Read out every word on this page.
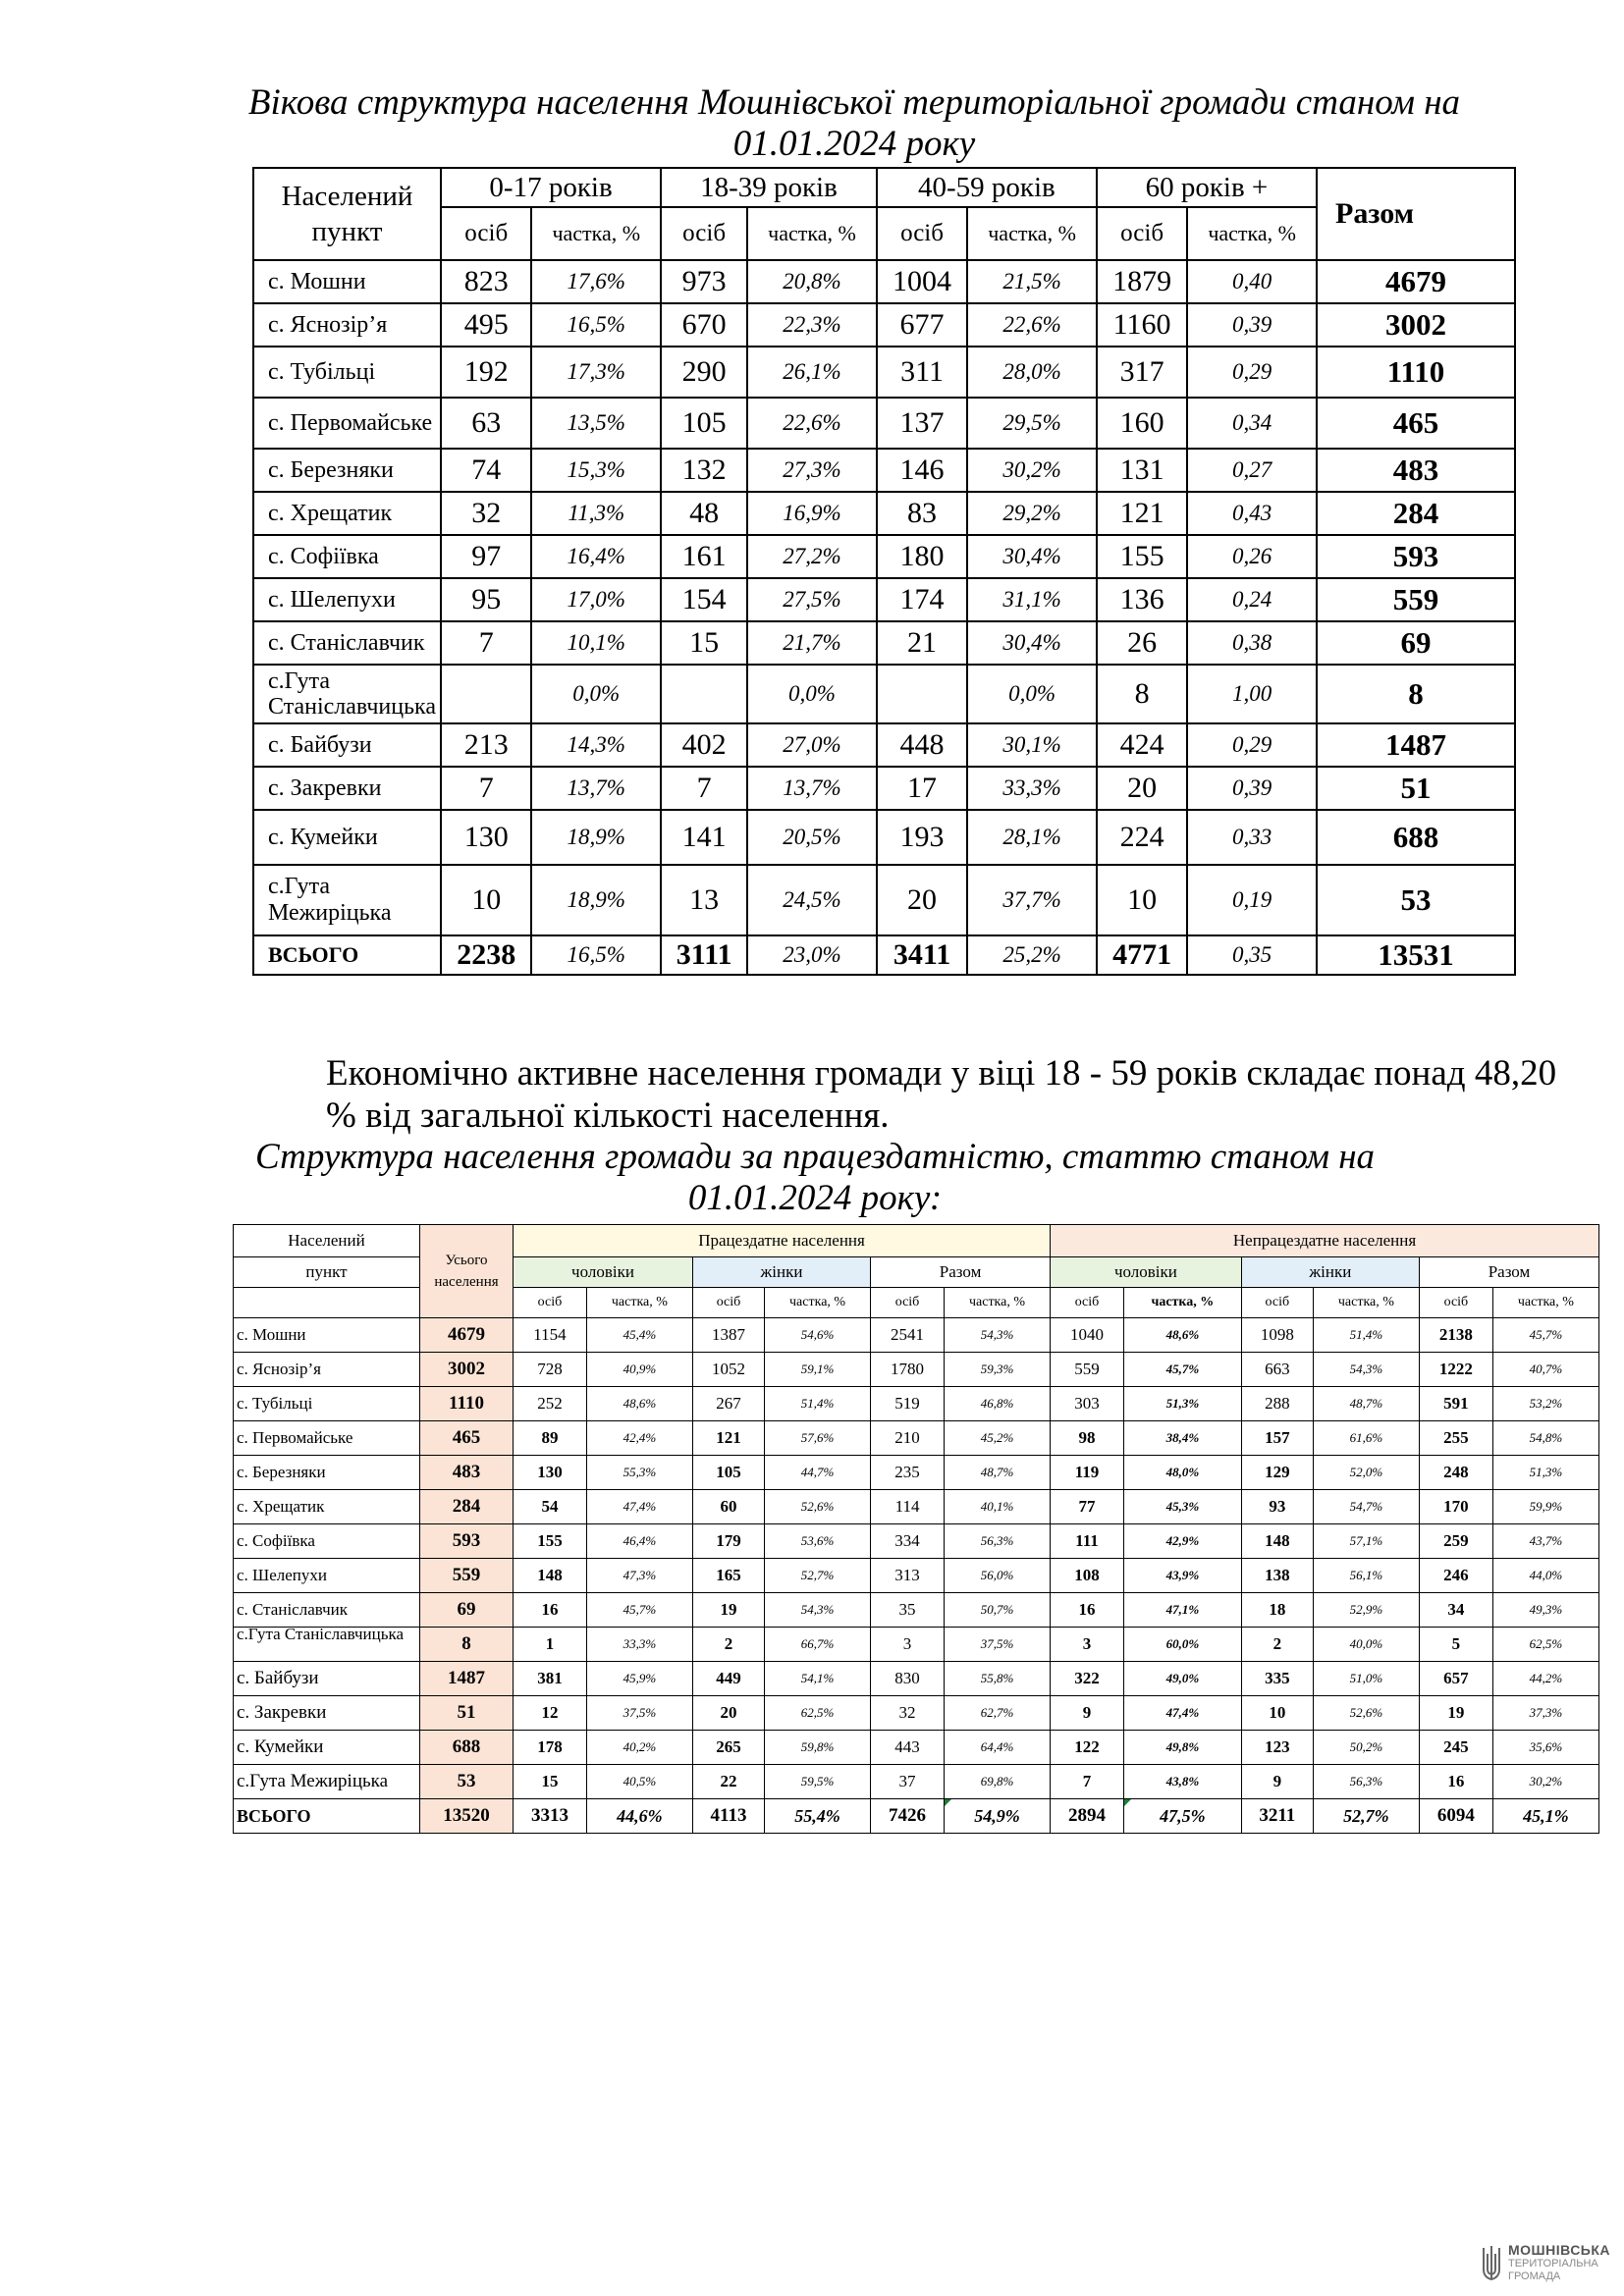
Вікова структура населення Мошнівської територіальної громади станом на 01.01.2024 року
Населений пункт	0-17 років		18-39 років		40-59 років		60 років +		Разом
	осіб	частка, %	осіб	частка, %	осіб	частка, %	осіб	частка, %	
с. Мошни	823	17,6%	973	20,8%	1004	21,5%	1879	0,40	4679
с. Яснозір’я	495	16,5%	670	22,3%	677	22,6%	1160	0,39	3002
с. Тубільці	192	17,3%	290	26,1%	311	28,0%	317	0,29	1110
с. Первомайське	63	13,5%	105	22,6%	137	29,5%	160	0,34	465
с. Березняки	74	15,3%	132	27,3%	146	30,2%	131	0,27	483
с. Хрещатик	32	11,3%	48	16,9%	83	29,2%	121	0,43	284
с. Софіївка	97	16,4%	161	27,2%	180	30,4%	155	0,26	593
с. Шелепухи	95	17,0%	154	27,5%	174	31,1%	136	0,24	559
с. Станіславчик	7	10,1%	15	21,7%	21	30,4%	26	0,38	69
с.Гута Станіславчицька		0,0%		0,0%		0,0%	8	1,00	8
с. Байбузи	213	14,3%	402	27,0%	448	30,1%	424	0,29	1487
с. Закревки	7	13,7%	7	13,7%	17	33,3%	20	0,39	51
с. Кумейки	130	18,9%	141	20,5%	193	28,1%	224	0,33	688
с.Гута Межиріцька	10	18,9%	13	24,5%	20	37,7%	10	0,19	53
ВСЬОГО	2238	16,5%	3111	23,0%	3411	25,2%	4771	0,35	13531
Економічно активне населення громади у віці 18 - 59 років складає понад 48,20 % від загальної кількості населення.
Структура населення громади за працездатністю, статтю станом на 01.01.2024 року:
Населений	Усього населення	Працездатне населення						Непрацездатне населення					
пункт		чоловіки		жінки		Разом		чоловіки		жінки		Разом	
		осіб	частка, %	осіб	частка, %	осіб	частка, %	осіб	частка, %	осіб	частка, %	осіб	частка, %
с. Мошни	4679	1154	45,4%	1387	54,6%	2541	54,3%	1040	48,6%	1098	51,4%	2138	45,7%
с. Яснозір’я	3002	728	40,9%	1052	59,1%	1780	59,3%	559	45,7%	663	54,3%	1222	40,7%
с. Тубільці	1110	252	48,6%	267	51,4%	519	46,8%	303	51,3%	288	48,7%	591	53,2%
с. Первомайське	465	89	42,4%	121	57,6%	210	45,2%	98	38,4%	157	61,6%	255	54,8%
с. Березняки	483	130	55,3%	105	44,7%	235	48,7%	119	48,0%	129	52,0%	248	51,3%
с. Хрещатик	284	54	47,4%	60	52,6%	114	40,1%	77	45,3%	93	54,7%	170	59,9%
с. Софіївка	593	155	46,4%	179	53,6%	334	56,3%	111	42,9%	148	57,1%	259	43,7%
с. Шелепухи	559	148	47,3%	165	52,7%	313	56,0%	108	43,9%	138	56,1%	246	44,0%
с. Станіславчик	69	16	45,7%	19	54,3%	35	50,7%	16	47,1%	18	52,9%	34	49,3%
с.Гута Станіславчицька	8	1	33,3%	2	66,7%	3	37,5%	3	60,0%	2	40,0%	5	62,5%
с. Байбузи	1487	381	45,9%	449	54,1%	830	55,8%	322	49,0%	335	51,0%	657	44,2%
с. Закревки	51	12	37,5%	20	62,5%	32	62,7%	9	47,4%	10	52,6%	19	37,3%
с. Кумейки	688	178	40,2%	265	59,8%	443	64,4%	122	49,8%	123	50,2%	245	35,6%
с.Гута Межиріцька	53	15	40,5%	22	59,5%	37	69,8%	7	43,8%	9	56,3%	16	30,2%
ВСЬОГО	13520	3313	44,6%	4113	55,4%	7426	54,9%	2894	47,5%	3211	52,7%	6094	45,1%
МОШНІВСЬКА
ТЕРИТОРІАЛЬНА
ГРОМАДА
